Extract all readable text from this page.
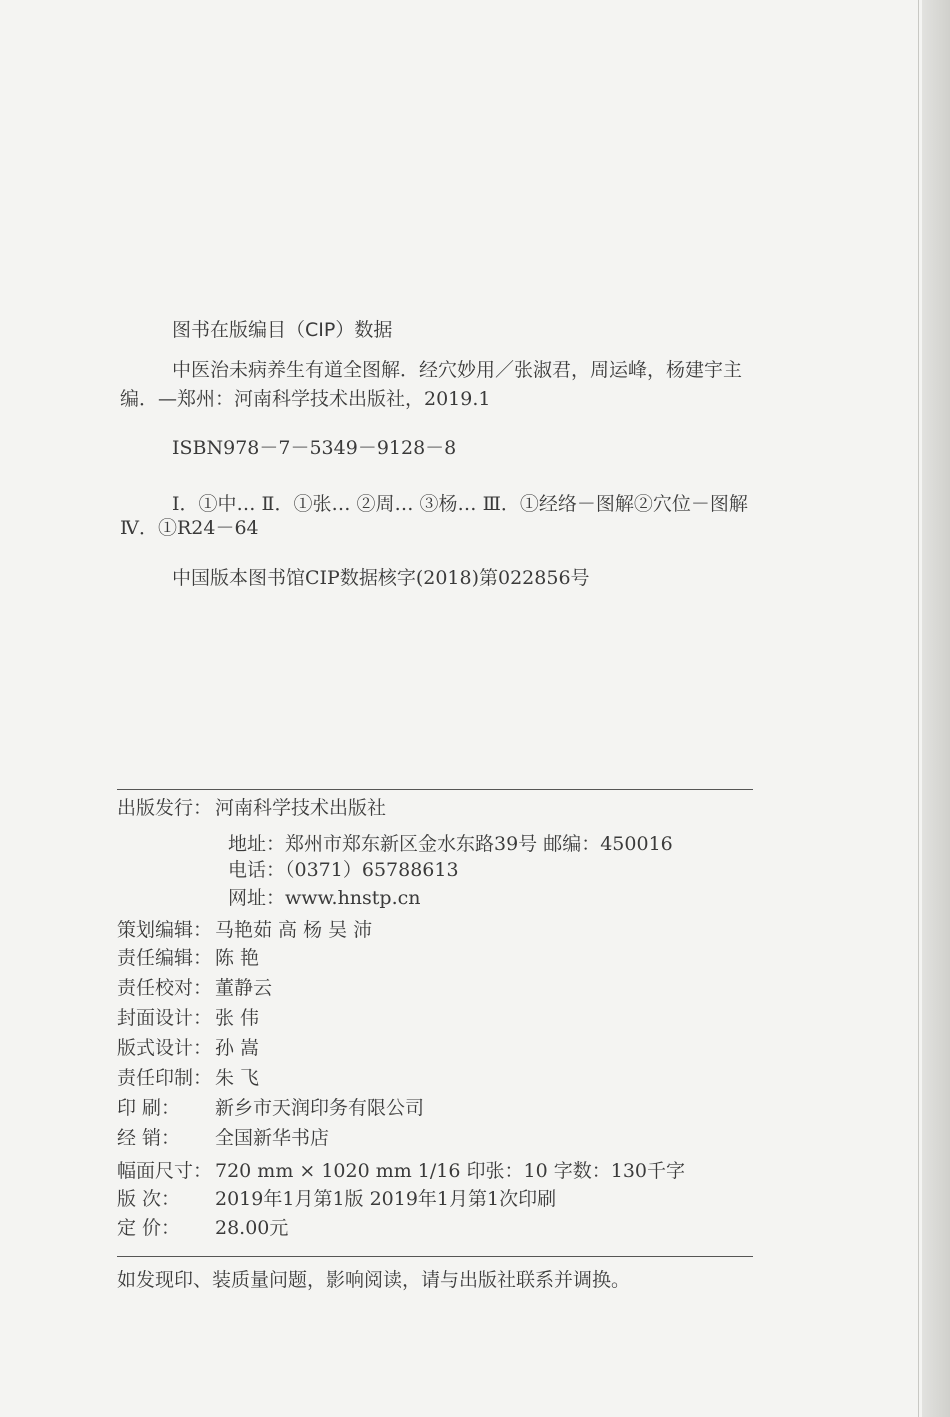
图书在版编目（CIP）数据
中医治未病养生有道全图解．经穴妙用／张淑君，周运峰，杨建宇主
编．—郑州：河南科学技术出版社，2019.1
ISBN978－7－5349－9128－8
Ⅰ．①中… Ⅱ．①张… ②周… ③杨… Ⅲ．①经络－图解②穴位－图解
Ⅳ．①R24－64
中国版本图书馆CIP数据核字(2018)第022856号
出版发行： 河南科学技术出版社
地址：郑州市郑东新区金水东路39号 邮编：450016
电话：（0371）65788613
网址：www.hnstp.cn
策划编辑： 马艳茹 高 杨 吴 沛
责任编辑： 陈 艳
责任校对： 董静云
封面设计： 张 伟
版式设计： 孙 嵩
责任印制： 朱 飞
印 刷： 新乡市天润印务有限公司
经 销： 全国新华书店
幅面尺寸： 720 mm × 1020 mm 1/16 印张：10 字数：130千字
版 次： 2019年1月第1版 2019年1月第1次印刷
定 价： 28.00元
如发现印、装质量问题，影响阅读，请与出版社联系并调换。
